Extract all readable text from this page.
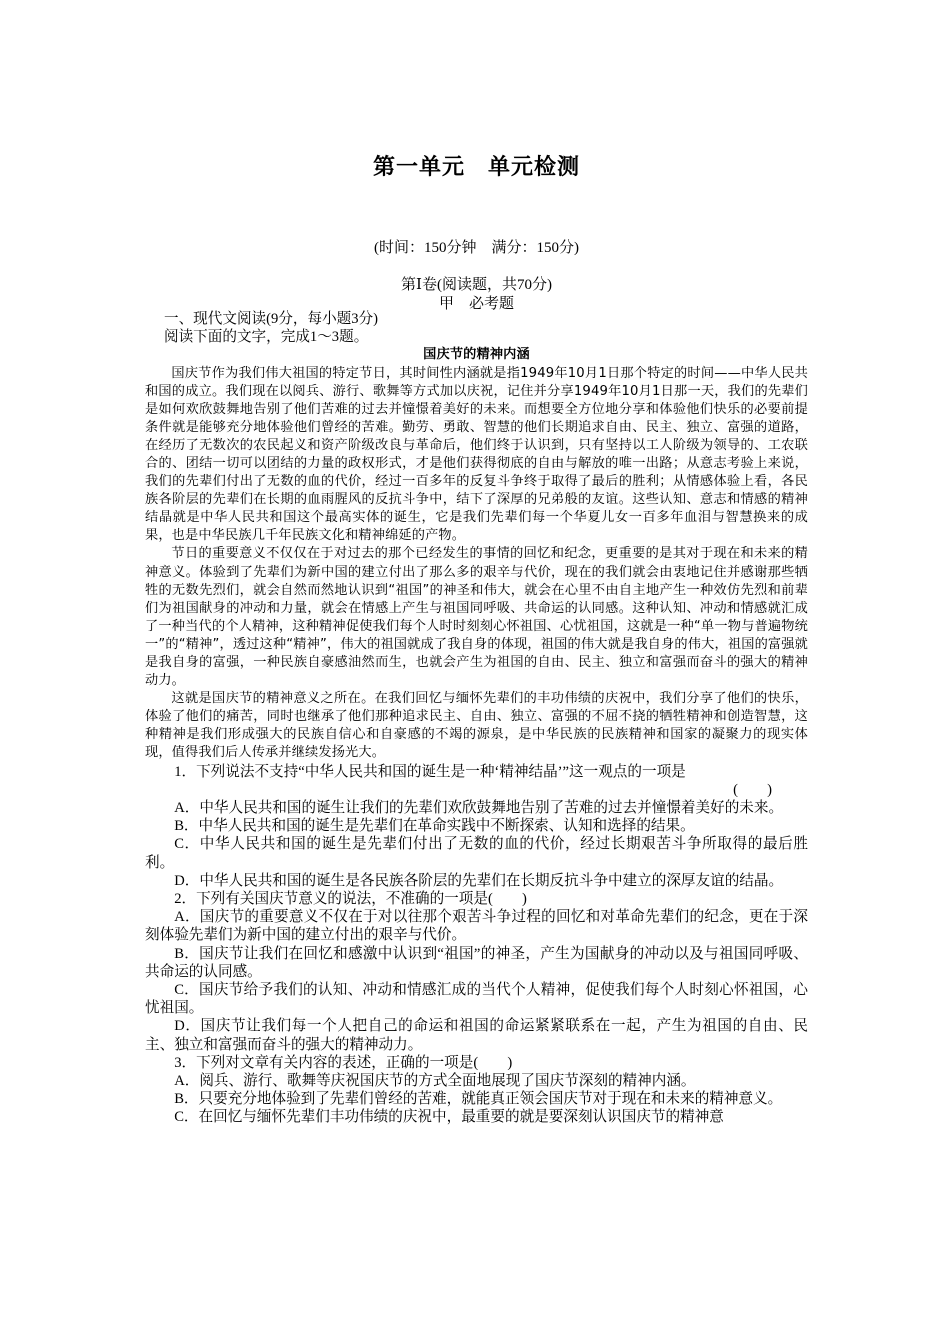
第一单元　单元检测
(时间：150分钟　满分：150分)
第Ⅰ卷(阅读题，共70分)
甲　必考题

一、现代文阅读(9分，每小题3分)

阅读下面的文字，完成1～3题。

国庆节的精神内涵

国庆节作为我们伟大祖国的特定节日，其时间性内涵就是指1949年10月1日那个特定的时间——中华人民共和国的成立。我们现在以阅兵、游行、歌舞等方式加以庆祝，记住并分享1949年10月1日那一天，我们的先辈们是如何欢欣鼓舞地告别了他们苦难的过去并憧憬着美好的未来。而想要全方位地分享和体验他们快乐的必要前提条件就是能够充分地体验他们曾经的苦难。勤劳、勇敢、智慧的他们长期追求自由、民主、独立、富强的道路，在经历了无数次的农民起义和资产阶级改良与革命后，他们终于认识到，只有坚持以工人阶级为领导的、工农联合的、团结一切可以团结的力量的政权形式，才是他们获得彻底的自由与解放的唯一出路；从意志考验上来说，我们的先辈们付出了无数的血的代价，经过一百多年的反复斗争终于取得了最后的胜利；从情感体验上看，各民族各阶层的先辈们在长期的血雨腥风的反抗斗争中，结下了深厚的兄弟般的友谊。这些认知、意志和情感的精神结晶就是中华人民共和国这个最高实体的诞生，它是我们先辈们每一个华夏儿女一百多年血泪与智慧换来的成果，也是中华民族几千年民族文化和精神绵延的产物。

节日的重要意义不仅仅在于对过去的那个已经发生的事情的回忆和纪念，更重要的是其对于现在和未来的精神意义。体验到了先辈们为新中国的建立付出了那么多的艰辛与代价，现在的我们就会由衷地记住并感谢那些牺牲的无数先烈们，就会自然而然地认识到“祖国”的神圣和伟大，就会在心里不由自主地产生一种效仿先烈和前辈们为祖国献身的冲动和力量，就会在情感上产生与祖国同呼吸、共命运的认同感。这种认知、冲动和情感就汇成了一种当代的个人精神，这种精神促使我们每个人时时刻刻心怀祖国、心忧祖国，这就是一种“单一物与普遍物统一”的“精神”，透过这种“精神”，伟大的祖国就成了我自身的体现，祖国的伟大就是我自身的伟大，祖国的富强就是我自身的富强，一种民族自豪感油然而生，也就会产生为祖国的自由、民主、独立和富强而奋斗的强大的精神动力。

这就是国庆节的精神意义之所在。在我们回忆与缅怀先辈们的丰功伟绩的庆祝中，我们分享了他们的快乐，体验了他们的痛苦，同时也继承了他们那种追求民主、自由、独立、富强的不屈不挠的牺牲精神和创造智慧，这种精神是我们形成强大的民族自信心和自豪感的不竭的源泉，是中华民族的民族精神和国家的凝聚力的现实体现，值得我们后人传承并继续发扬光大。

1．下列说法不支持“中华人民共和国的诞生是一种‘精神结晶’”这一观点的一项是

(　　)

A．中华人民共和国的诞生让我们的先辈们欢欣鼓舞地告别了苦难的过去并憧憬着美好的未来。

B．中华人民共和国的诞生是先辈们在革命实践中不断探索、认知和选择的结果。

C．中华人民共和国的诞生是先辈们付出了无数的血的代价，经过长期艰苦斗争所取得的最后胜利。

D．中华人民共和国的诞生是各民族各阶层的先辈们在长期反抗斗争中建立的深厚友谊的结晶。

2．下列有关国庆节意义的说法，不准确的一项是(　　)

A．国庆节的重要意义不仅在于对以往那个艰苦斗争过程的回忆和对革命先辈们的纪念，更在于深刻体验先辈们为新中国的建立付出的艰辛与代价。

B．国庆节让我们在回忆和感激中认识到“祖国”的神圣，产生为国献身的冲动以及与祖国同呼吸、共命运的认同感。

C．国庆节给予我们的认知、冲动和情感汇成的当代个人精神，促使我们每个人时刻心怀祖国，心忧祖国。

D．国庆节让我们每一个人把自己的命运和祖国的命运紧紧联系在一起，产生为祖国的自由、民主、独立和富强而奋斗的强大的精神动力。

3．下列对文章有关内容的表述，正确的一项是(　　)

A．阅兵、游行、歌舞等庆祝国庆节的方式全面地展现了国庆节深刻的精神内涵。

B．只要充分地体验到了先辈们曾经的苦难，就能真正领会国庆节对于现在和未来的精神意义。

C．在回忆与缅怀先辈们丰功伟绩的庆祝中，最重要的就是要深刻认识国庆节的精神意
